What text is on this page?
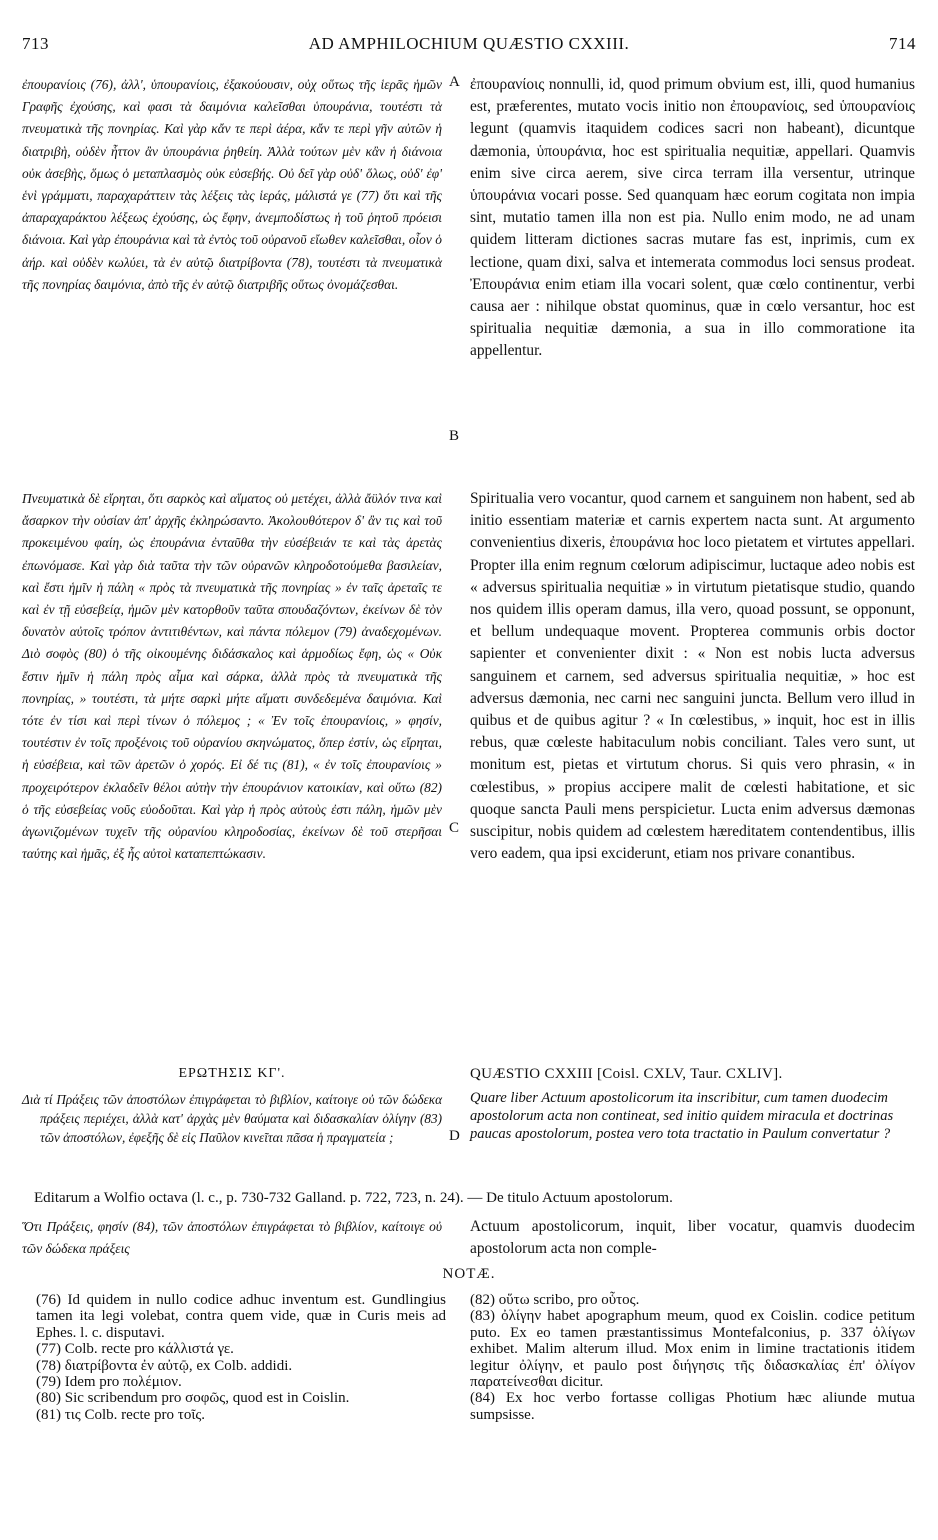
713	AD AMPHILOCHIUM QUÆSTIO CXXIII.	714

ἐπουρανίοις (76), ἀλλ', ὑπουρανίοις, ἐξακούουσιν, οὐχ οὕτως τῆς ἱερᾶς ἡμῶν Γραφῆς ἐχούσης, καὶ φασι τὰ δαιμόνια καλεῖσθαι ὑπουράνια, τουτέστι τὰ πνευματικὰ τῆς πονηρίας. Καὶ γὰρ κἄν τε περὶ ἀέρα, κἄν τε περὶ γῆν αὐτῶν ἡ διατριβὴ, οὐδὲν ἧττον ἂν ὑπουράνια ῥηθείη. Ἀλλὰ τούτων μὲν κἂν ἡ διάνοια οὐκ ἀσεβὴς, ὅμως ὁ μεταπλασμὸς οὐκ εὐσεβής. Οὐ δεῖ γὰρ οὐδ' ὅλως, οὐδ' ἐφ' ἑνὶ γράμματι, παραχαράττειν τὰς λέξεις τὰς ἱεράς, μάλιστά γε (77) ὅτι καὶ τῆς ἀπαραχαράκτου λέξεως ἐχούσης, ὡς ἔφην, ἀνεμποδίστως ἡ τοῦ ῥητοῦ πρόεισι διάνοια. Καὶ γὰρ ἐπουράνια καὶ τὰ ἐντὸς τοῦ οὐρανοῦ εἴωθεν καλεῖσθαι, οἷον ὁ ἀήρ. καὶ οὐδὲν κωλύει, τὰ ἐν αὐτῷ διατρίβοντα (78), τουτέστι τὰ πνευματικὰ τῆς πονηρίας δαιμόνια, ἀπὸ τῆς ἐν αὐτῷ διατριβῆς οὕτως ὀνομάζεσθαι.

Πνευματικὰ δὲ εἴρηται, ὅτι σαρκὸς καὶ αἵματος οὐ μετέχει, ἀλλὰ ἄϋλόν τινα καὶ ἄσαρκον τὴν οὐσίαν ἀπ' ἀρχῆς ἐκληρώσαντο. Ἀκολουθότερον δ' ἂν τις καὶ τοῦ προκειμένου φαίη, ὡς ἐπουράνια ἐνταῦθα τὴν εὐσέβειάν τε καὶ τὰς ἀρετὰς ἐπωνόμασε. Καὶ γὰρ διὰ ταῦτα τὴν τῶν οὐρανῶν κληροδοτούμεθα βασιλείαν, καὶ ἔστι ἡμῖν ἡ πάλη « πρὸς τὰ πνευματικὰ τῆς πονηρίας » ἐν ταῖς ἀρεταῖς τε καὶ ἐν τῇ εὐσεβείᾳ, ἡμῶν μὲν κατορθοῦν ταῦτα σπουδαζόντων, ἐκείνων δὲ τὸν δυνατὸν αὐτοῖς τρόπον ἀντιτιθέντων, καὶ πάντα πόλεμον (79) ἀναδεχομένων. Διὸ σοφὸς (80) ὁ τῆς οἰκουμένης διδάσκαλος καὶ ἁρμοδίως ἔφη, ὡς « Οὐκ ἔστιν ἡμῖν ἡ πάλη πρὸς αἷμα καὶ σάρκα, ἀλλὰ πρὸς τὰ πνευματικὰ τῆς πονηρίας, » τουτέστι, τὰ μήτε σαρκὶ μήτε αἵματι συνδεδεμένα δαιμόνια. Καὶ τότε ἐν τίσι καὶ περὶ τίνων ὁ πόλεμος ; « Ἐν τοῖς ἐπουρανίοις, » φησίν, τουτέστιν ἐν τοῖς προξένοις τοῦ οὐρανίου σκηνώματος, ὅπερ ἐστίν, ὡς εἴρηται, ἡ εὐσέβεια, καὶ τῶν ἀρετῶν ὁ χορός. Εἰ δέ τις (81), « ἐν τοῖς ἐπουρανίοις » προχειρότερον ἐκλαδεῖν θέλοι αὐτὴν τὴν ἐπουράνιον κατοικίαν, καὶ οὕτω (82) ὁ τῆς εὐσεβείας νοῦς εὐοδοῦται. Καὶ γὰρ ἡ πρὸς αὐτοὺς ἐστι πάλη, ἡμῶν μὲν ἀγωνιζομένων τυχεῖν τῆς οὐρανίου κληροδοσίας, ἐκείνων δὲ τοῦ στερῆσαι ταύτης καὶ ἡμᾶς, ἐξ ἧς αὐτοὶ καταπεπτώκασιν.

A
B
C
D

ἐπουρανίοις nonnulli, id, quod primum obvium est, illi, quod humanius est, præferentes, mutato vocis initio non ἐπουρανίοις, sed ὑπουρανίοις legunt (quamvis itaquidem codices sacri non habeant), dicuntque dæmonia, ὑπουράνια, hoc est spiritualia nequitiæ, appellari. Quamvis enim sive circa aerem, sive circa terram illa versentur, utrinque ὑπουράνια vocari posse. Sed quanquam hæc eorum cogitata non impia sint, mutatio tamen illa non est pia. Nullo enim modo, ne ad unam quidem litteram dictiones sacras mutare fas est, inprimis, cum ex lectione, quam dixi, salva et intemerata commodus loci sensus prodeat. Ἐπουράνια enim etiam illa vocari solent, quæ cœlo continentur, verbi causa aer : nihilque obstat quominus, quæ in cœlo versantur, hoc est spiritualia nequitiæ dæmonia, a sua in illo commoratione ita appellentur.

Spiritualia vero vocantur, quod carnem et sanguinem non habent, sed ab initio essentiam materiæ et carnis expertem nacta sunt. At argumento convenientius dixeris, ἐπουράνια hoc loco pietatem et virtutes appellari. Propter illa enim regnum cœlorum adipiscimur, luctaque adeo nobis est « adversus spiritualia nequitiæ » in virtutum pietatisque studio, quando nos quidem illis operam damus, illa vero, quoad possunt, se opponunt, et bellum undequaque movent. Propterea communis orbis doctor sapienter et convenienter dixit : « Non est nobis lucta adversus sanguinem et carnem, sed adversus spiritualia nequitiæ, » hoc est adversus dæmonia, nec carni nec sanguini juncta. Bellum vero illud in quibus et de quibus agitur ? « In cœlestibus, » inquit, hoc est in illis rebus, quæ cœleste habitaculum nobis conciliant. Tales vero sunt, ut monitum est, pietas et virtutum chorus. Si quis vero phrasin, « in cœlestibus, » propius accipere malit de cœlesti habitatione, et sic quoque sancta Pauli mens perspicietur. Lucta enim adversus dæmonas suscipitur, nobis quidem ad cœlestem hæreditatem contendentibus, illis vero eadem, qua ipsi exciderunt, etiam nos privare conantibus.

ΕΡΩΤΗΣΙΣ ΚΓ'.	QUÆSTIO CXXIII [Coisl. CXLV, Taur. CXLIV].

Διὰ τί Πράξεις τῶν ἀποστόλων ἐπιγράφεται τὸ βιβλίον, καίτοιγε οὐ τῶν δώδεκα πράξεις περιέχει, ἀλλὰ κατ' ἀρχὰς μὲν θαύματα καὶ διδασκαλίαν ὀλίγην (83) τῶν ἀποστόλων, ἐφεξῆς δὲ εἰς Παῦλον κινεῖται πᾶσα ἡ πραγματεία ;

Quare liber Actuum apostolicorum ita inscribitur, cum tamen duodecim apostolorum acta non contineat, sed initio quidem miracula et doctrinas paucas apostolorum, postea vero tota tractatio in Paulum convertatur ?

Editarum a Wolfio octava (l. c., p. 730-732 Galland. p. 722, 723, n. 24). — De titulo Actuum apostolorum.

Ὅτι Πράξεις, φησίν (84), τῶν ἀποστόλων ἐπιγράφεται τὸ βιβλίον, καίτοιγε οὐ τῶν δώδεκα πράξεις

Actuum apostolicorum, inquit, liber vocatur, quamvis duodecim apostolorum acta non comple-

NOTÆ.

(76) Id quidem in nullo codice adhuc inventum est. Gundlingius tamen ita legi volebat, contra quem vide, quæ in Curis meis ad Ephes. l. c. disputavi.

(77) Colb. recte pro κάλλιστά γε.

(78) διατρίβοντα ἐν αὐτῷ, ex Colb. addidi.

(79) Idem pro πολέμιον.

(80) Sic scribendum pro σοφῶς, quod est in Coislin.

(81) τις Colb. recte pro τοῖς.

(82) οὕτω scribo, pro οὗτος.

(83) ὀλίγην habet apographum meum, quod ex Coislin. codice petitum puto. Ex eo tamen præstantissimus Montefalconius, p. 337 ὀλίγων exhibet. Malim alterum illud. Mox enim in limine tractationis itidem legitur ὀλίγην, et paulo post διήγησις τῆς διδασκαλίας ἐπ' ὀλίγον παρατείνεσθαι dicitur.

(84) Ex hoc verbo fortasse colligas Photium hæc aliunde mutua sumpsisse.
